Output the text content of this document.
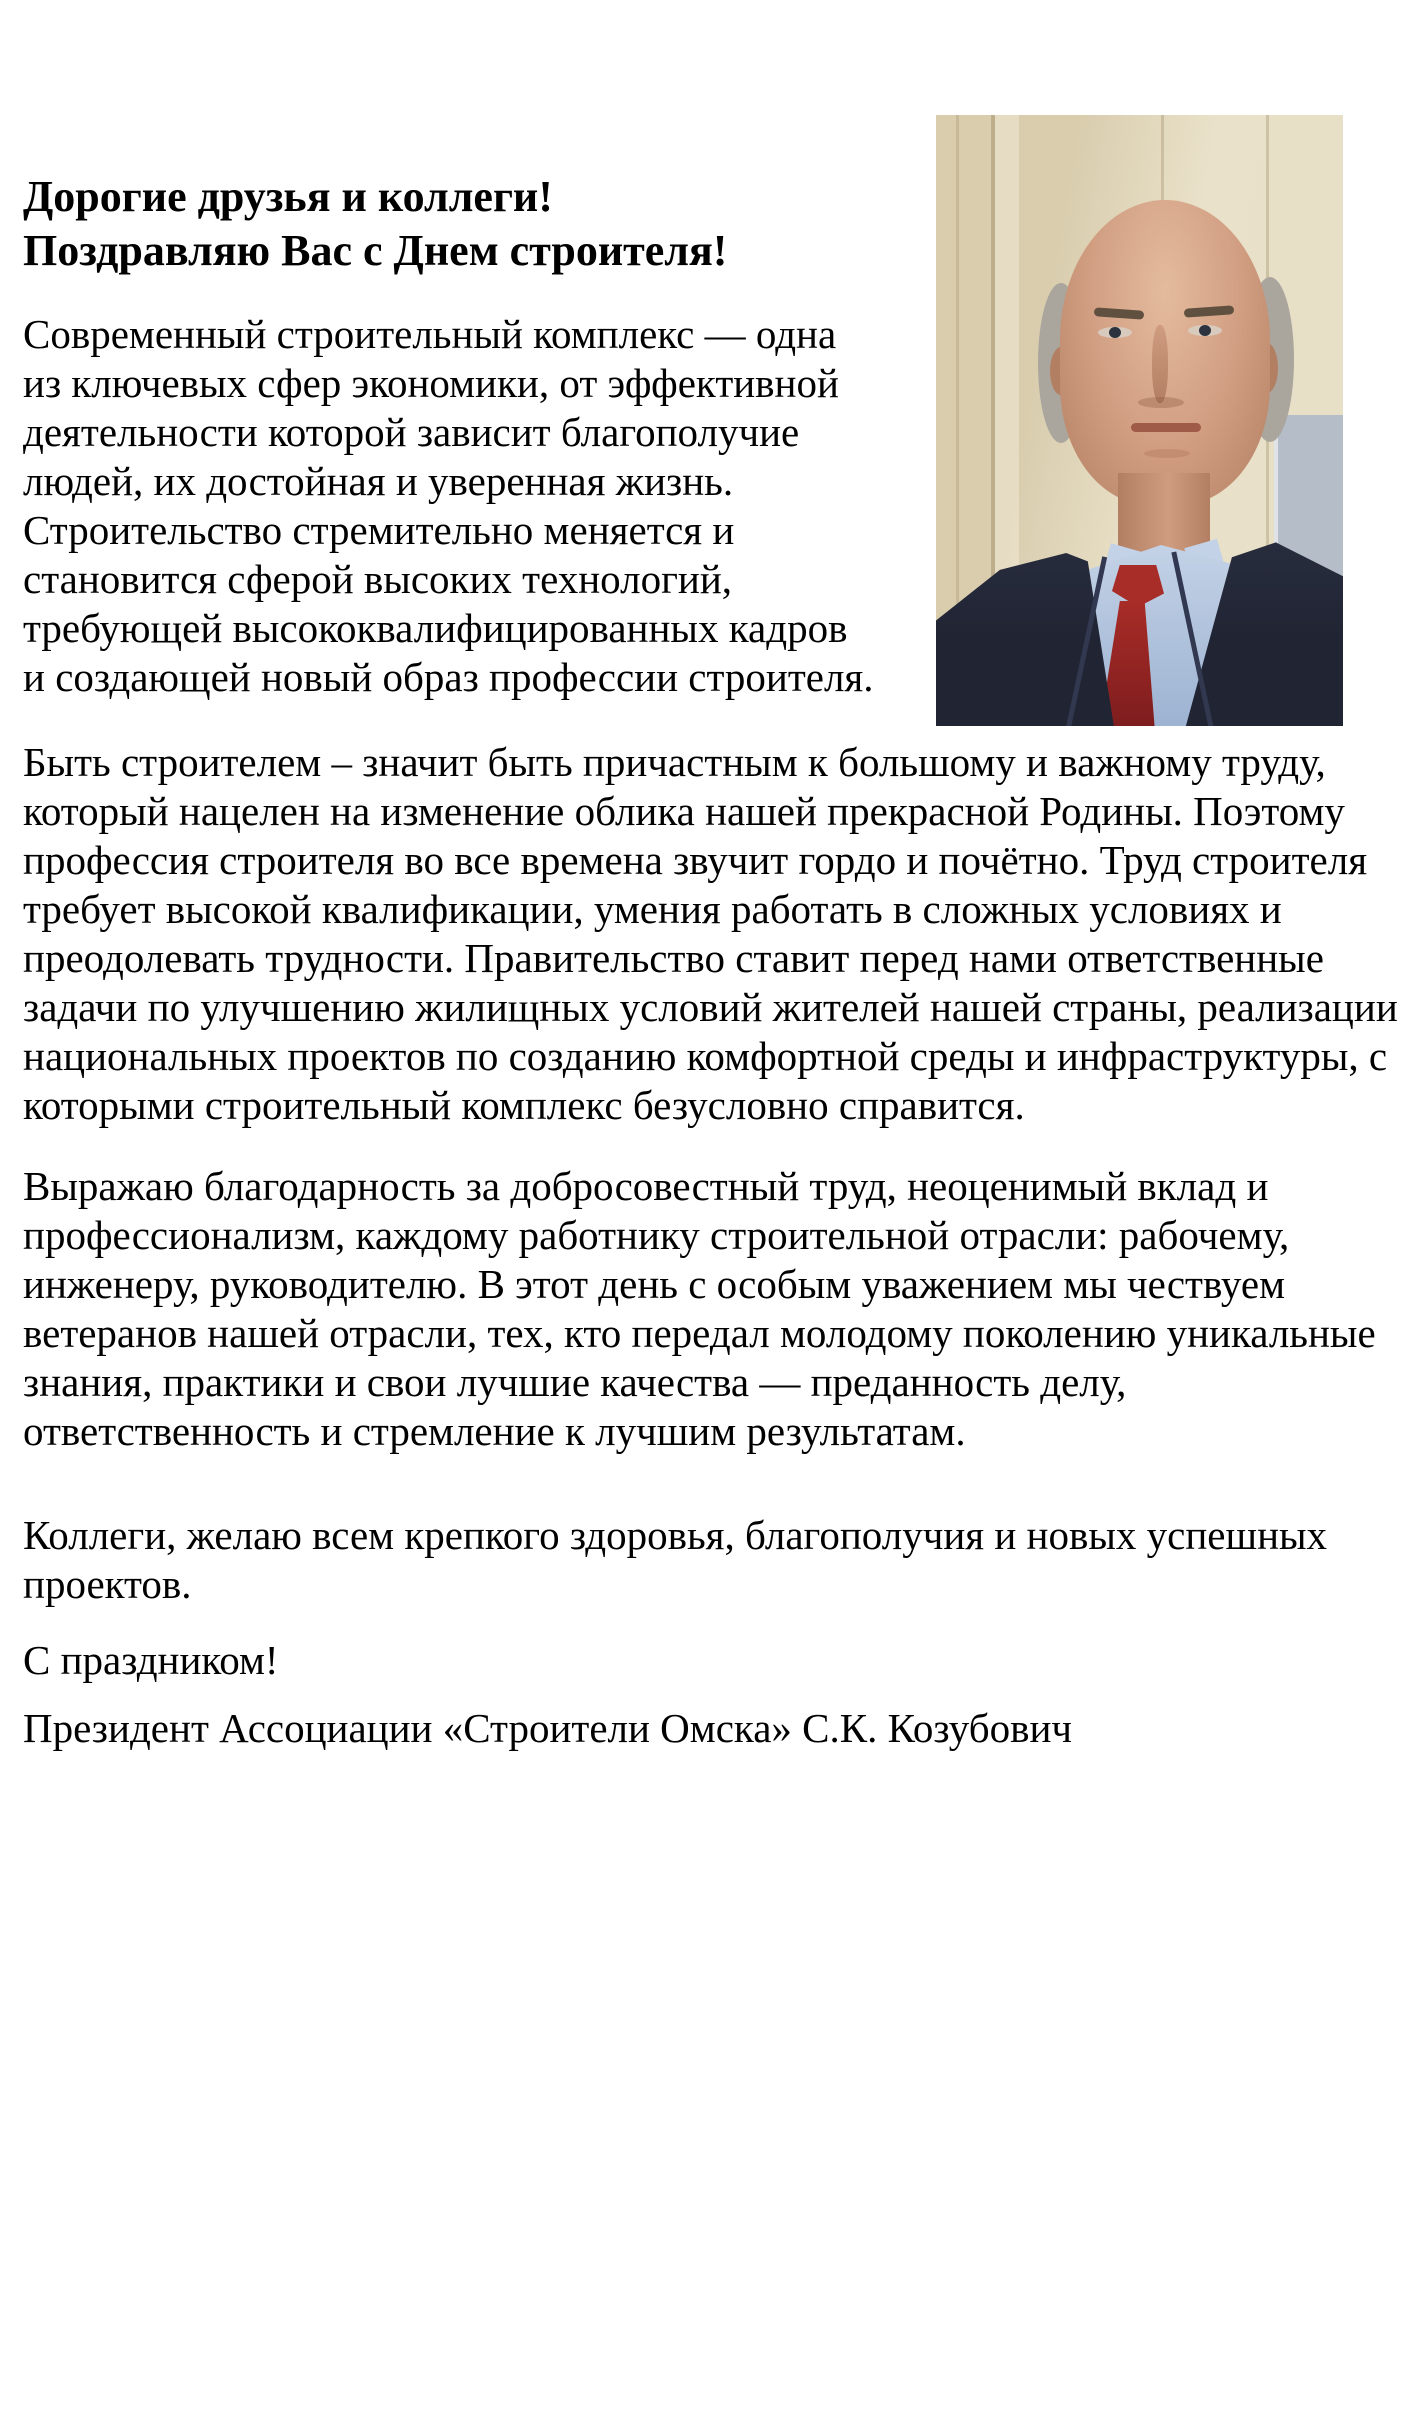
Дорогие друзья и коллеги!
Поздравляю Вас с Днем строителя!
Современный строительный комплекс — одна
из ключевых сфер экономики, от эффективной
деятельности которой зависит благополучие
людей, их достойная и уверенная жизнь.
Строительство стремительно меняется и
становится сферой высоких технологий,
требующей высококвалифицированных кадров
и создающей новый образ профессии строителя.
Быть строителем – значит быть причастным к большому и важному труду,
который нацелен на изменение облика нашей прекрасной Родины. Поэтому
профессия строителя во все времена звучит гордо и почётно. Труд строителя
требует высокой квалификации, умения работать в сложных условиях и
преодолевать трудности. Правительство ставит перед нами ответственные
задачи по улучшению жилищных условий жителей нашей страны, реализации
национальных проектов по созданию комфортной среды и инфраструктуры, с
которыми строительный комплекс безусловно справится.
Выражаю благодарность за добросовестный труд, неоценимый вклад и
профессионализм, каждому работнику строительной отрасли: рабочему,
инженеру, руководителю. В этот день с особым уважением мы чествуем
ветеранов нашей отрасли, тех, кто передал молодому поколению уникальные
знания, практики и свои лучшие качества — преданность делу,
ответственность и стремление к лучшим результатам.
Коллеги, желаю всем крепкого здоровья, благополучия и новых успешных
проектов.
С праздником!
Президент Ассоциации «Строители Омска» С.К. Козубович
